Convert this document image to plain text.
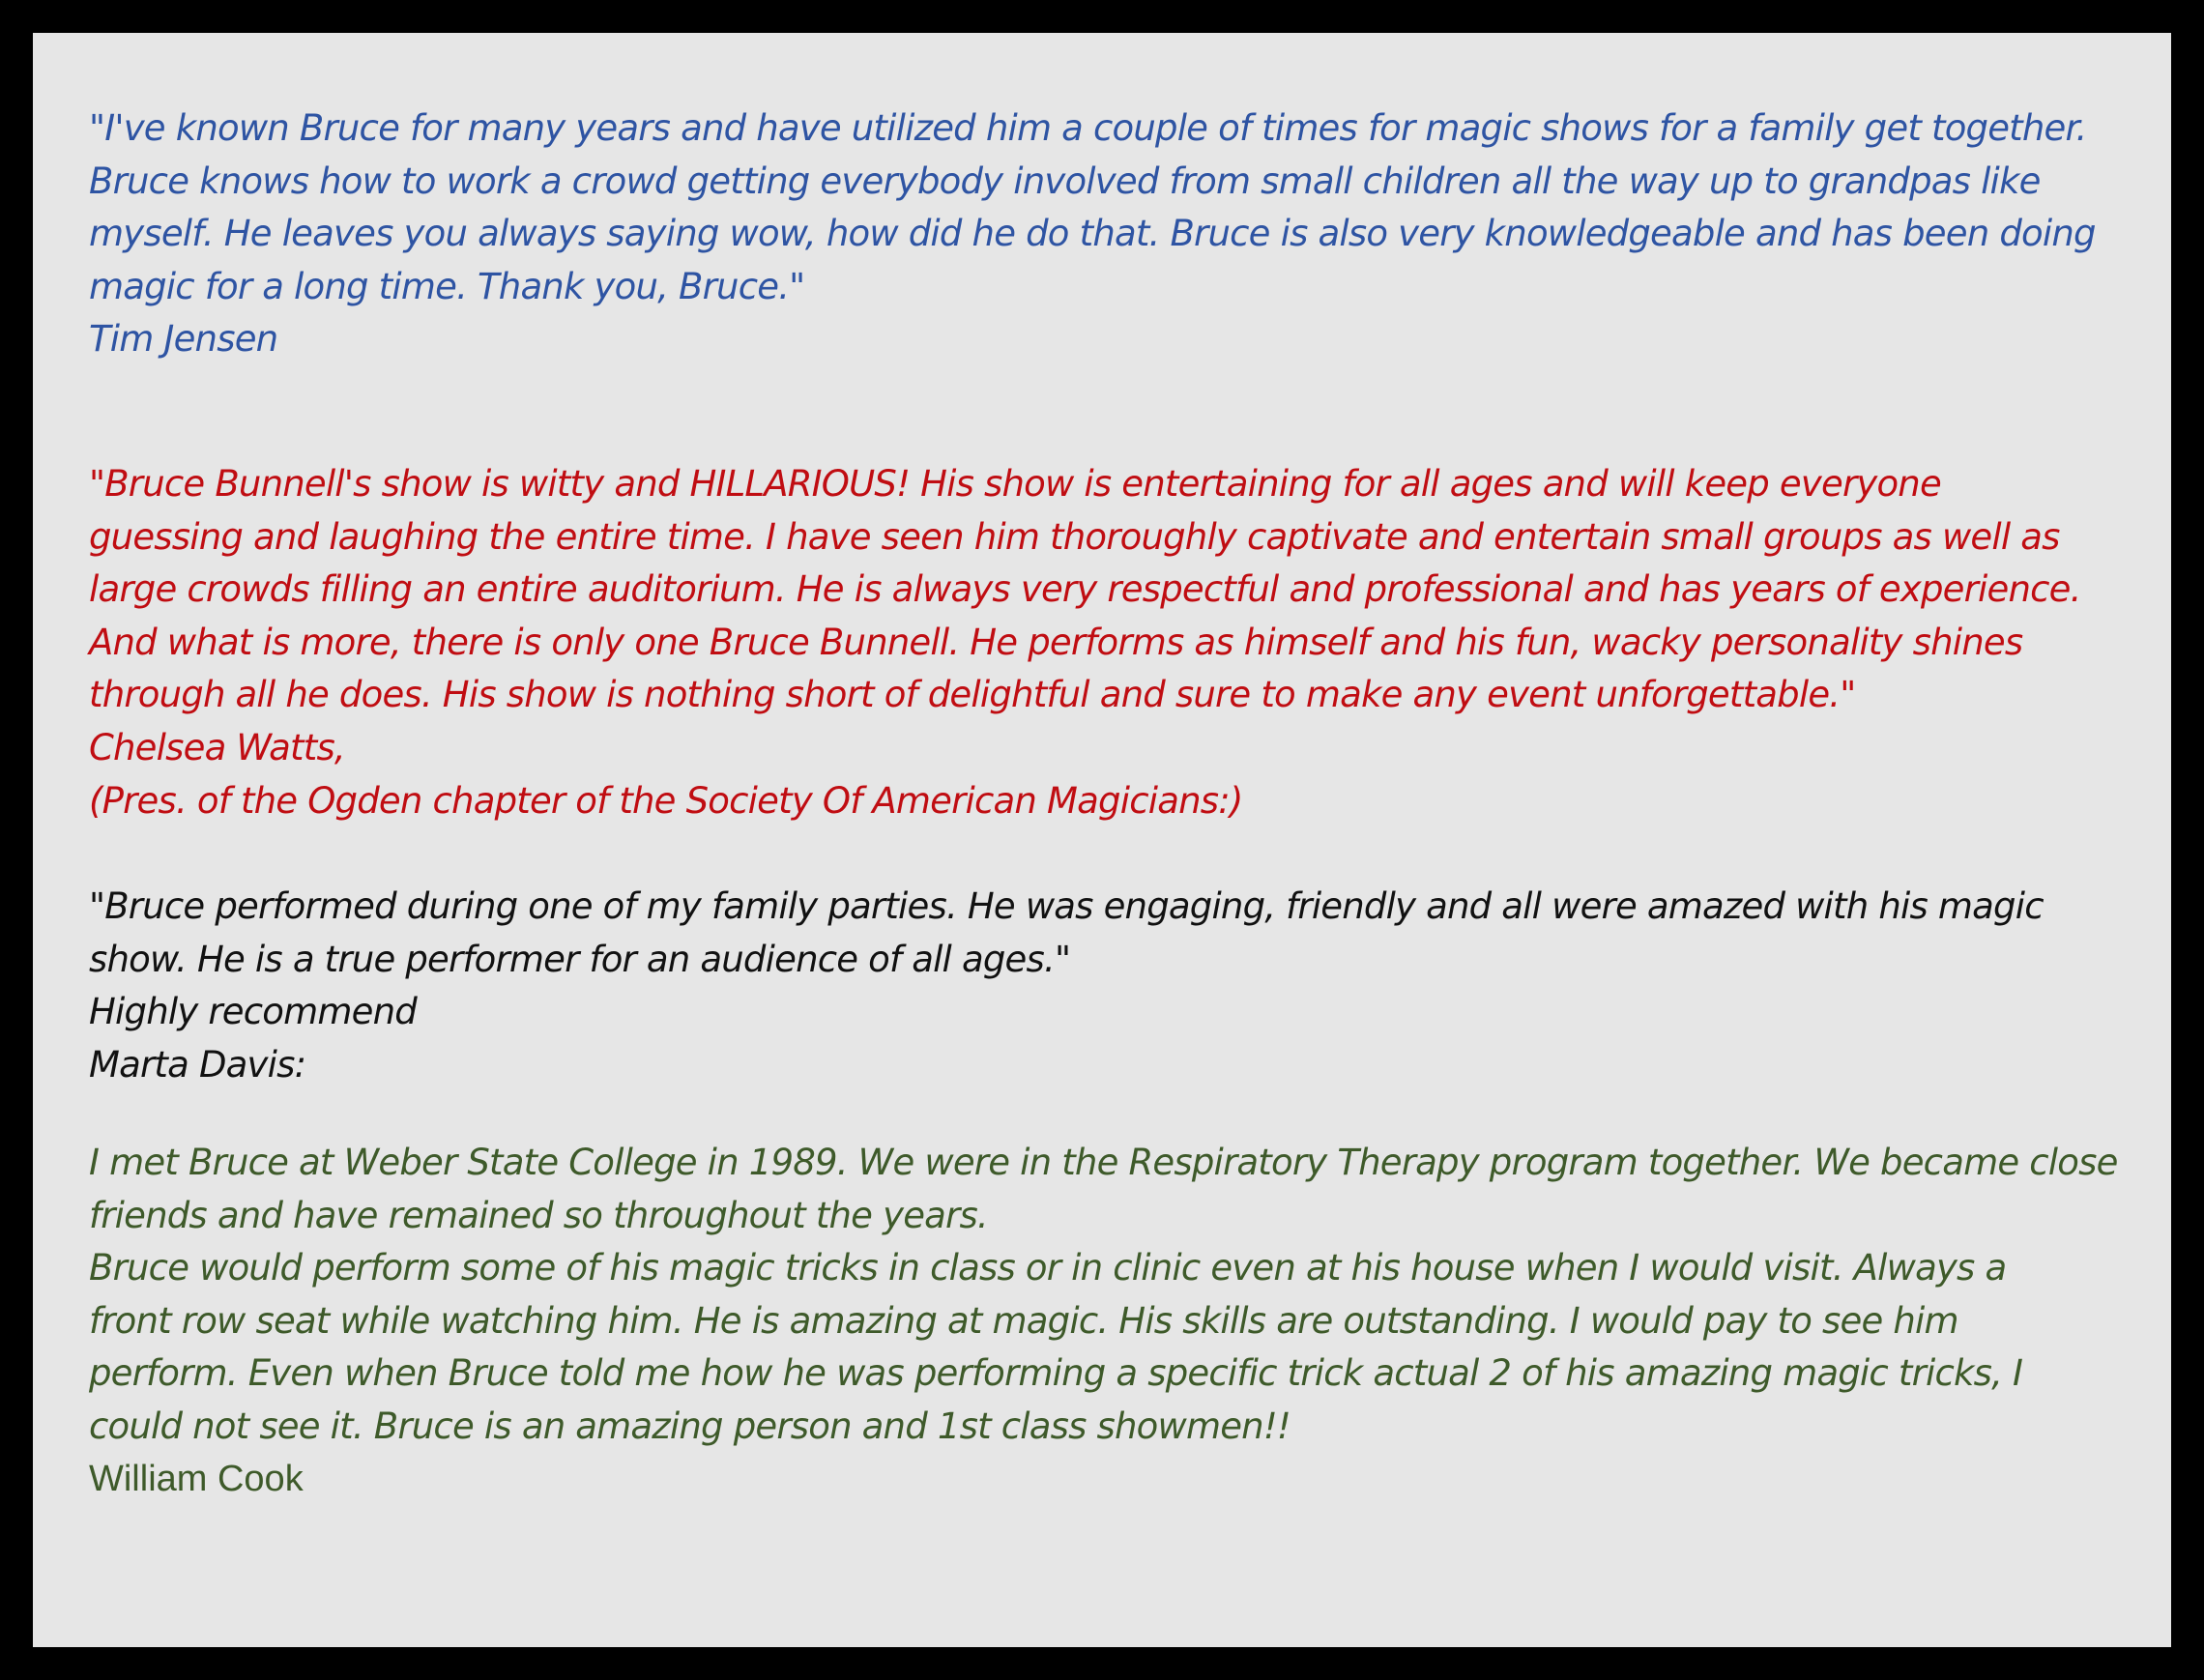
"I've known Bruce for many years and have utilized him a couple of times for magic shows for a family get together.

Bruce knows how to work a crowd getting everybody involved from small children all the way up to grandpas like

myself. He leaves you always saying wow, how did he do that. Bruce is also very knowledgeable and has been doing

magic for a long time. Thank you, Bruce."

Tim Jensen

"Bruce Bunnell's show is witty and HILLARIOUS! His show is entertaining for all ages and will keep everyone

guessing and laughing the entire time. I have seen him thoroughly captivate and entertain small groups as well as

large crowds filling an entire auditorium. He is always very respectful and professional and has years of experience.

And what is more, there is only one Bruce Bunnell. He performs as himself and his fun, wacky personality shines

through all he does. His show is nothing short of delightful and sure to make any event unforgettable."

Chelsea Watts,

(Pres. of the Ogden chapter of the Society Of American Magicians:)

"Bruce performed during one of my family parties. He was engaging, friendly and all were amazed with his magic

show. He is a true performer for an audience of all ages."

Highly recommend

Marta Davis:

I met Bruce at Weber State College in 1989. We were in the Respiratory Therapy program together. We became close

friends and have remained so throughout the years.

Bruce would perform some of his magic tricks in class or in clinic even at his house when I would visit. Always a

front row seat while watching him. He is amazing at magic. His skills are outstanding. I would pay to see him

perform. Even when Bruce told me how he was performing a specific trick actual 2 of his amazing magic tricks, I

could not see it. Bruce is an amazing person and 1st class showmen!!

William Cook
